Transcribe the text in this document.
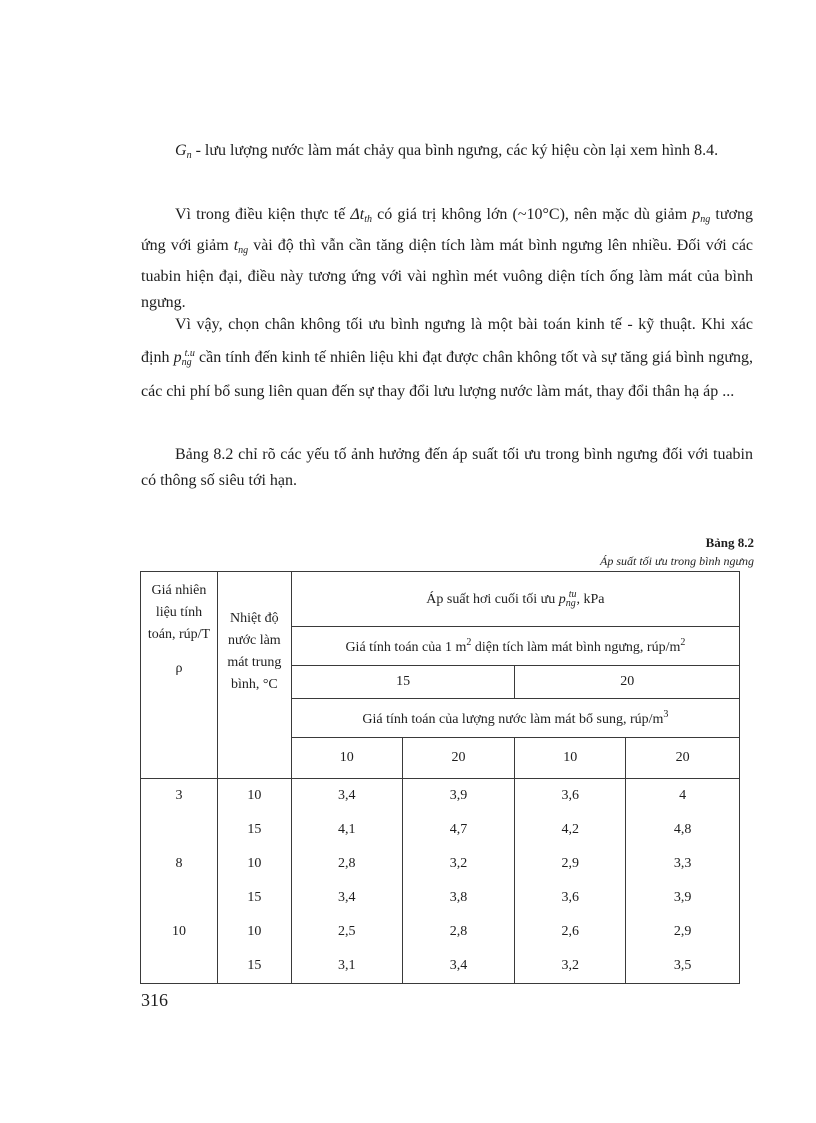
$G_n$ - lưu lượng nước làm mát chảy qua bình ngưng, các ký hiệu còn lại xem hình 8.4.

Vì trong điều kiện thực tế $\Delta t_{th}$ có giá trị không lớn (~10°C), nên mặc dù giảm $p_{ng}$ tương ứng với giảm $t_{ng}$ vài độ thì vẫn cần tăng diện tích làm mát bình ngưng lên nhiều. Đối với các tuabin hiện đại, điều này tương ứng với vài nghìn mét vuông diện tích ống làm mát của bình ngưng.

Vì vậy, chọn chân không tối ưu bình ngưng là một bài toán kinh tế - kỹ thuật. Khi xác định $p_{ng}^{t.u}$ cần tính đến kinh tế nhiên liệu khi đạt được chân không tốt và sự tăng giá bình ngưng, các chi phí bổ sung liên quan đến sự thay đổi lưu lượng nước làm mát, thay đổi thân hạ áp ...

Bảng 8.2 chỉ rõ các yếu tố ảnh hưởng đến áp suất tối ưu trong bình ngưng đối với tuabin có thông số siêu tới hạn.

Bảng 8.2
Áp suất tối ưu trong bình ngưng
Giá nhiên liệu tính toán, rúp/T
ρ	Nhiệt độ nước làm mát trung bình, °C	Áp suất hơi cuối tối ưu $p_{ng}^{tu}$, kPa			
		Giá tính toán của 1 $m^2$ diện tích làm mát bình ngưng, rúp/$m^2$
		15		20	
		Giá tính toán của lượng nước làm mát bổ sung, rúp/$m^3$
		10	20	10	20
3	10	3,4	3,9	3,6	4
	15	4,1	4,7	4,2	4,8
8	10	2,8	3,2	2,9	3,3
	15	3,4	3,8	3,6	3,9
10	10	2,5	2,8	2,6	2,9
	15	3,1	3,4	3,2	3,5
316
